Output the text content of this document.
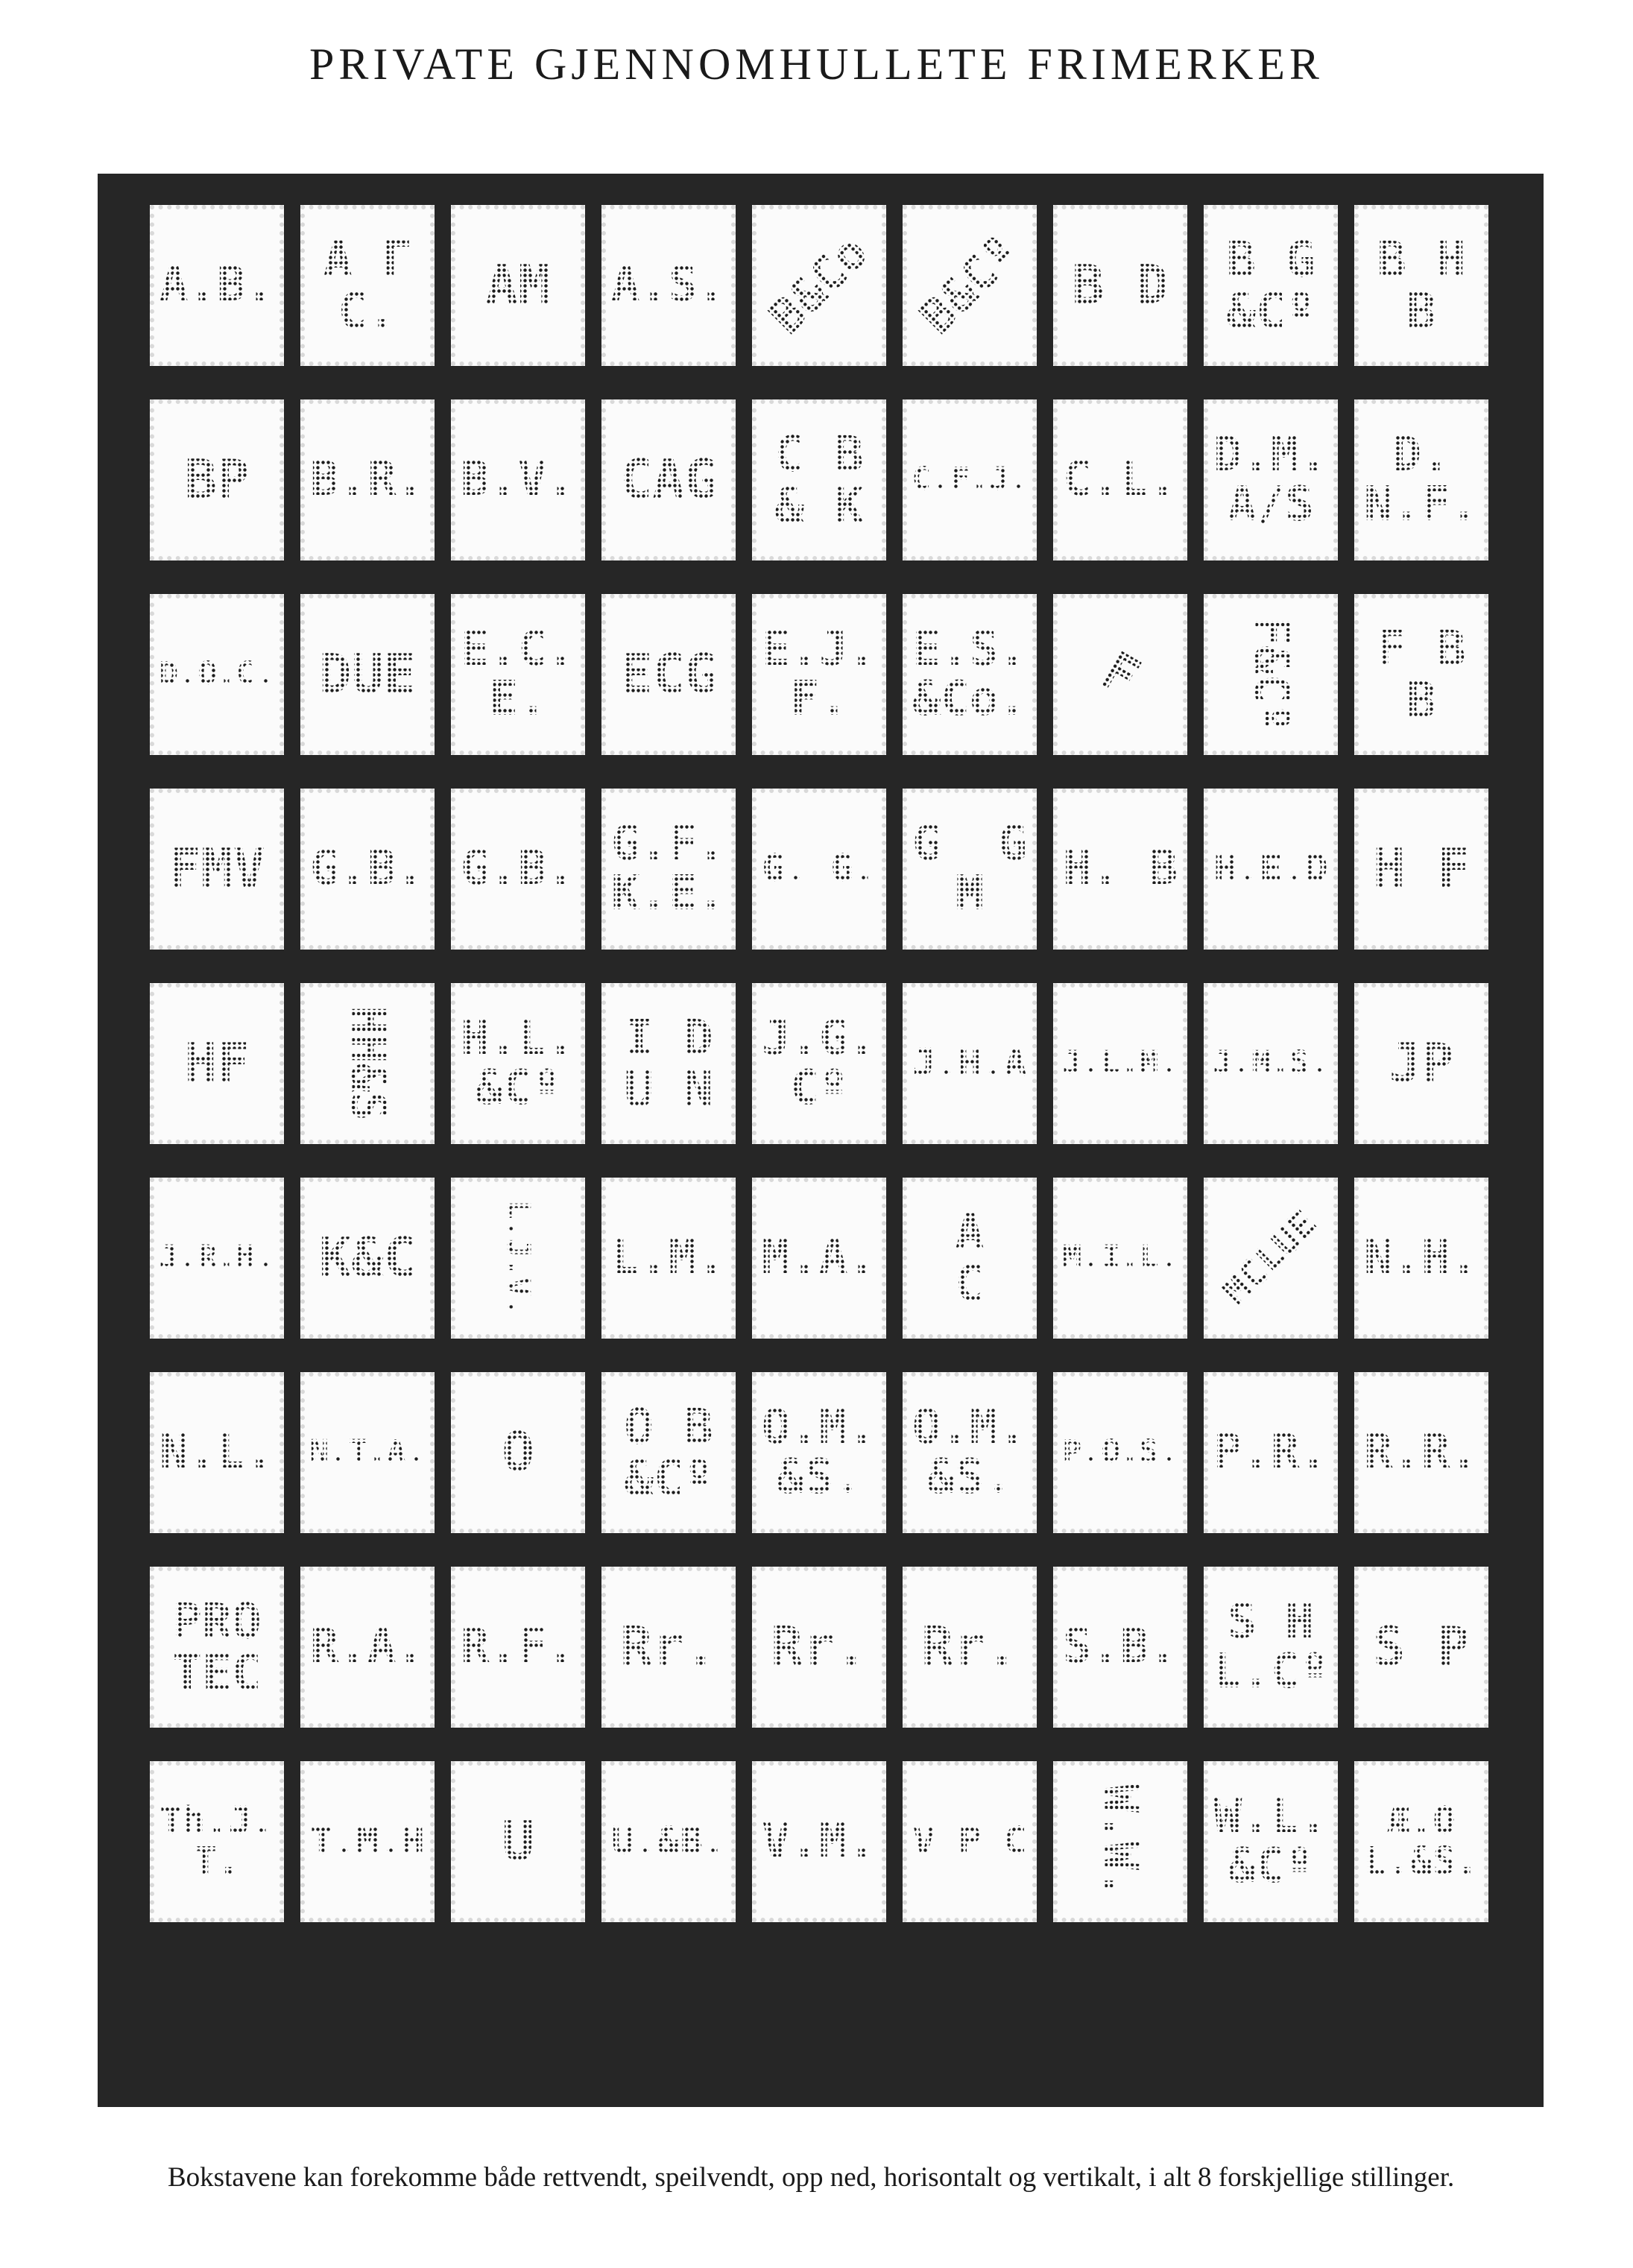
PRIVATE GJENNOMHULLETE FRIMERKER
A.B. A Γ
C. AM A.S. B&Co B&Cº B D B G
&Cº
B H
B
BP B.R. B.V. CAG C B
& K C.F.J. C.L. D.M.
A/S
D.
N.F.
D.O.C. DUE E.C.
E.	ECG E.J.
F.
E.S.
&Co. F F&Cº F B
B
FMV G.B. G.B. G.F.
K.E. G. G. G  G
M	H. B H.E.D H F
HF HH&S H.L.
&Cº
I D
U N
J.G.
Cº	J.H.A J.L.M. J.M.S. JP
J.R.H. K&C	L.J.V. L.M. M.A. A
C M.I.L. MCLUE N.H.
N.L. N.T.A. O O B
&Cº
O.M.
&S.
O.M.
&S.	P.O.S. P.R. R.R.
PRO
TEC R.A. R.F. Rr. Rr. Rr. S.B.	S H
L.Cº S P
Th.J.
T.	T.M.H U U.&B. V.M. V P C W.W. W.L.
&Cº
Æ.O
L.&S.
Bokstavene kan forekomme både rettvendt, speilvendt, opp ned, horisontalt og vertikalt, i alt 8 forskjellige stillinger.
